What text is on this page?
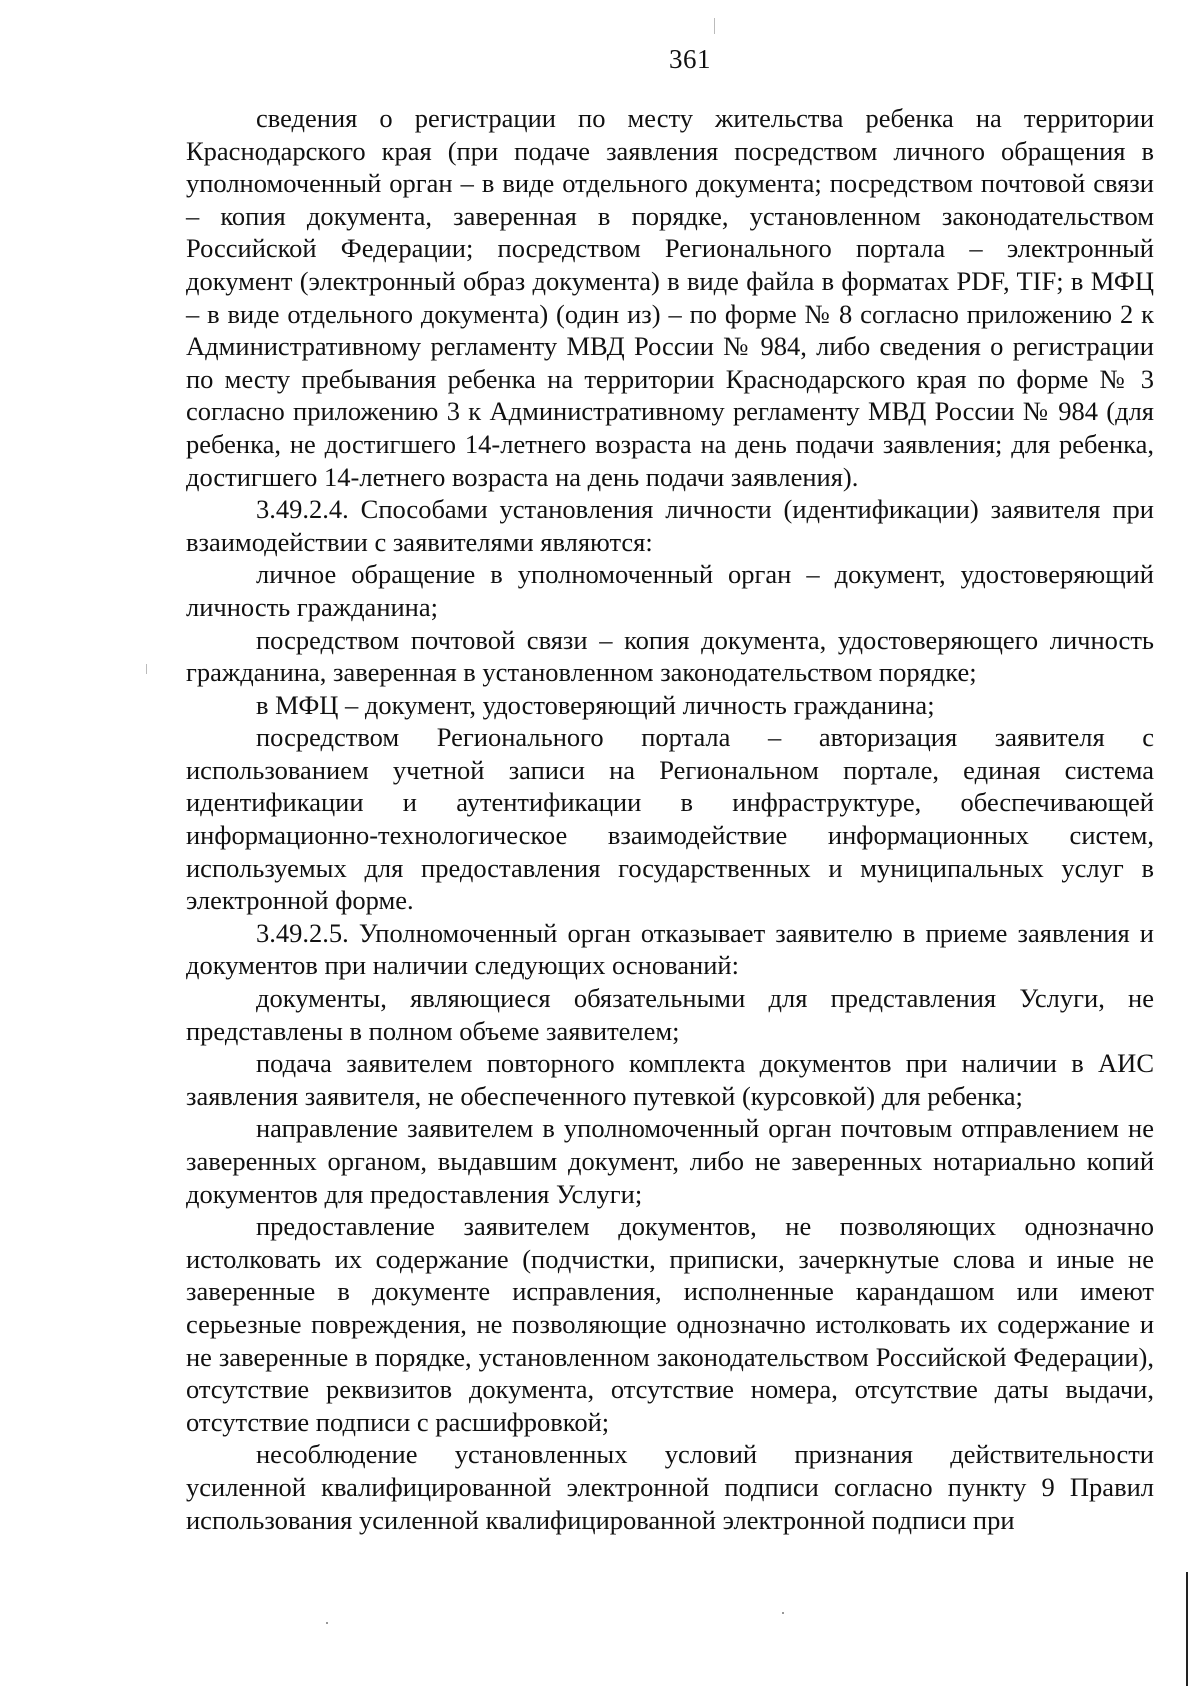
361

сведения о регистрации по месту жительства ребенка на территории Краснодарского края (при подаче заявления посредством личного обращения в уполномоченный орган – в виде отдельного документа; посредством почтовой связи – копия документа, заверенная в порядке, установленном законодательством Российской Федерации; посредством Регионального портала – электронный документ (электронный образ документа) в виде файла в форматах PDF, TIF; в МФЦ – в виде отдельного документа) (один из) – по форме № 8 согласно приложению 2 к Административному регламенту МВД России № 984, либо сведения о регистрации по месту пребывания ребенка на территории Краснодарского края по форме № 3 согласно приложению 3 к Административному регламенту МВД России № 984 (для ребенка, не достигшего 14-летнего возраста на день подачи заявления; для ребенка, достигшего 14-летнего возраста на день подачи заявления).

3.49.2.4. Способами установления личности (идентификации) заявителя при взаимодействии с заявителями являются:

личное обращение в уполномоченный орган – документ, удостоверяющий личность гражданина;

посредством почтовой связи – копия документа, удостоверяющего личность гражданина, заверенная в установленном законодательством порядке;

в МФЦ – документ, удостоверяющий личность гражданина;

посредством Регионального портала – авторизация заявителя с использованием учетной записи на Региональном портале, единая система идентификации и аутентификации в инфраструктуре, обеспечивающей информационно-технологическое взаимодействие информационных систем, используемых для предоставления государственных и муниципальных услуг в электронной форме.

3.49.2.5. Уполномоченный орган отказывает заявителю в приеме заявления и документов при наличии следующих оснований:

документы, являющиеся обязательными для представления Услуги, не представлены в полном объеме заявителем;

подача заявителем повторного комплекта документов при наличии в АИС заявления заявителя, не обеспеченного путевкой (курсовкой) для ребенка;

направление заявителем в уполномоченный орган почтовым отправлением не заверенных органом, выдавшим документ, либо не заверенных нотариально копий документов для предоставления Услуги;

предоставление заявителем документов, не позволяющих однозначно истолковать их содержание (подчистки, приписки, зачеркнутые слова и иные не заверенные в документе исправления, исполненные карандашом или имеют серьезные повреждения, не позволяющие однозначно истолковать их содержание и не заверенные в порядке, установленном законодательством Российской Федерации), отсутствие реквизитов документа, отсутствие номера, отсутствие даты выдачи, отсутствие подписи с расшифровкой;

несоблюдение установленных условий признания действительности усиленной квалифицированной электронной подписи согласно пункту 9 Правил использования усиленной квалифицированной электронной подписи при
